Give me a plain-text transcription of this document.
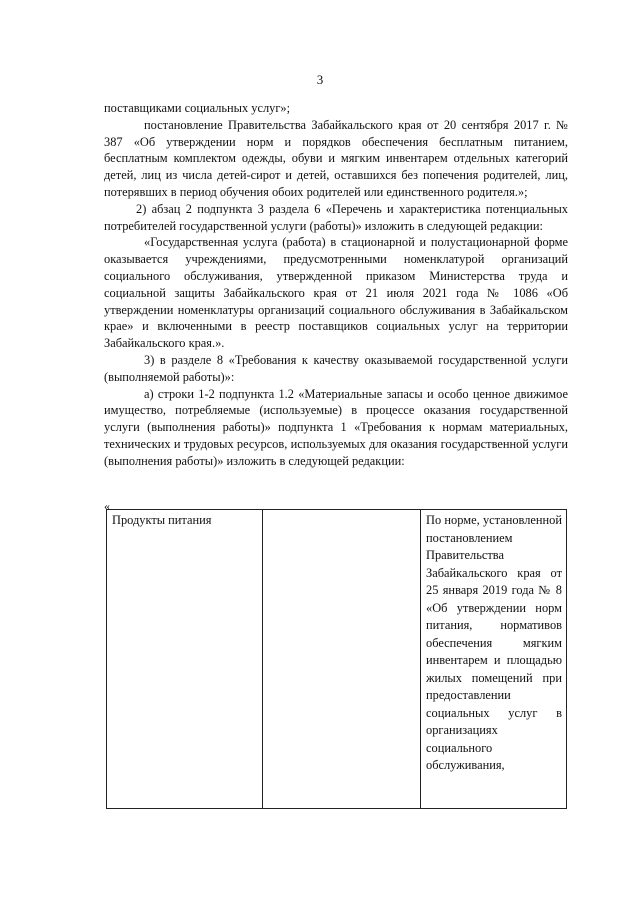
3

поставщиками социальных услуг»;

постановление Правительства Забайкальского края от 20 сентября 2017 г. № 387 «Об утверждении норм и порядков обеспечения бесплатным питанием, бесплатным комплектом одежды, обуви и мягким инвентарем отдельных категорий детей, лиц из числа детей-сирот и детей, оставшихся без попечения родителей, лиц, потерявших в период обучения обоих родителей или единственного родителя.»;

2) абзац 2 подпункта 3 раздела 6 «Перечень и характеристика потенциальных потребителей государственной услуги (работы)» изложить в следующей редакции:

«Государственная услуга (работа) в стационарной и полустационарной форме оказывается учреждениями, предусмотренными номенклатурой организаций социального обслуживания, утвержденной приказом Министерства труда и социальной защиты Забайкальского края от 21 июля 2021 года № 1086 «Об утверждении номенклатуры организаций социального обслуживания в Забайкальском крае» и включенными в реестр поставщиков социальных услуг на территории Забайкальского края.».

3) в разделе 8 «Требования к качеству оказываемой государственной услуги (выполняемой работы)»:

а) строки 1-2 подпункта 1.2 «Материальные запасы и особо ценное движимое имущество, потребляемые (используемые) в процессе оказания государственной услуги (выполнения работы)» подпункта 1 «Требования к нормам материальных, технических и трудовых ресурсов, используемых для оказания государственной услуги (выполнения работы)» изложить в следующей редакции:

«
Продукты питания		По норме, установленной постановлением Правительства Забайкальского края от 25 января 2019 года № 8 «Об утверждении норм питания, нормативов обеспечения мягким инвентарем и площадью жилых помещений при предоставлении социальных услуг в организациях социального обслуживания,
